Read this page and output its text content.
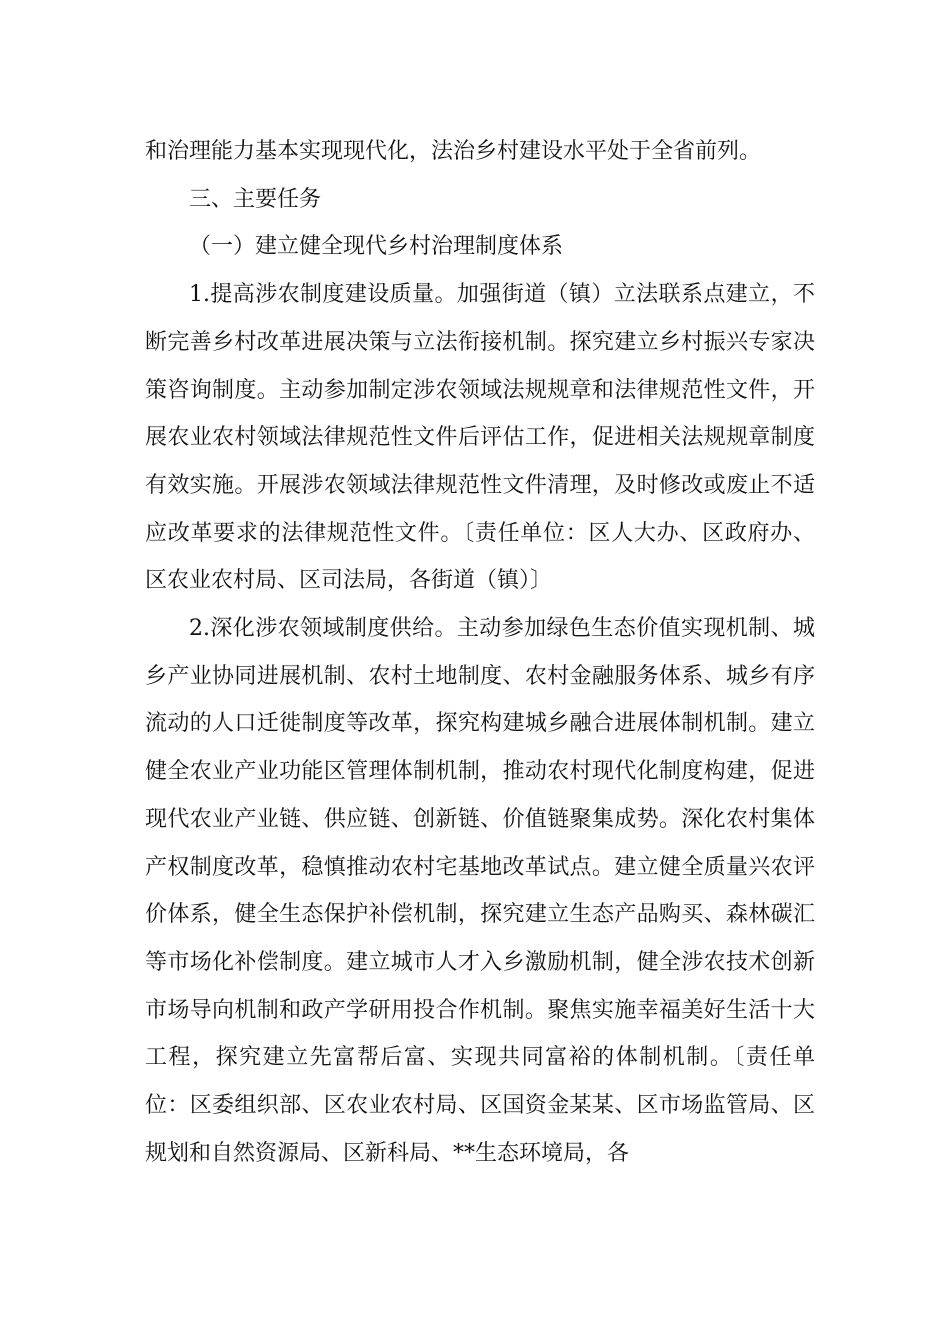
和治理能力基本实现现代化，法治乡村建设水平处于全省前列。

三、主要任务

（一）建立健全现代乡村治理制度体系

1.提高涉农制度建设质量。加强街道（镇）立法联系点建立，不断完善乡村改革进展决策与立法衔接机制。探究建立乡村振兴专家决策咨询制度。主动参加制定涉农领域法规规章和法律规范性文件，开展农业农村领域法律规范性文件后评估工作，促进相关法规规章制度有效实施。开展涉农领域法律规范性文件清理，及时修改或废止不适应改革要求的法律规范性文件。〔责任单位：区人大办、区政府办、区农业农村局、区司法局，各街道（镇）〕

2.深化涉农领域制度供给。主动参加绿色生态价值实现机制、城乡产业协同进展机制、农村土地制度、农村金融服务体系、城乡有序流动的人口迁徙制度等改革，探究构建城乡融合进展体制机制。建立健全农业产业功能区管理体制机制，推动农村现代化制度构建，促进现代农业产业链、供应链、创新链、价值链聚集成势。深化农村集体产权制度改革，稳慎推动农村宅基地改革试点。建立健全质量兴农评价体系，健全生态保护补偿机制，探究建立生态产品购买、森林碳汇等市场化补偿制度。建立城市人才入乡激励机制，健全涉农技术创新市场导向机制和政产学研用投合作机制。聚焦实施幸福美好生活十大工程，探究建立先富帮后富、实现共同富裕的体制机制。〔责任单位：区委组织部、区农业农村局、区国资金某某、区市场监管局、区规划和自然资源局、区新科局、**生态环境局，各
